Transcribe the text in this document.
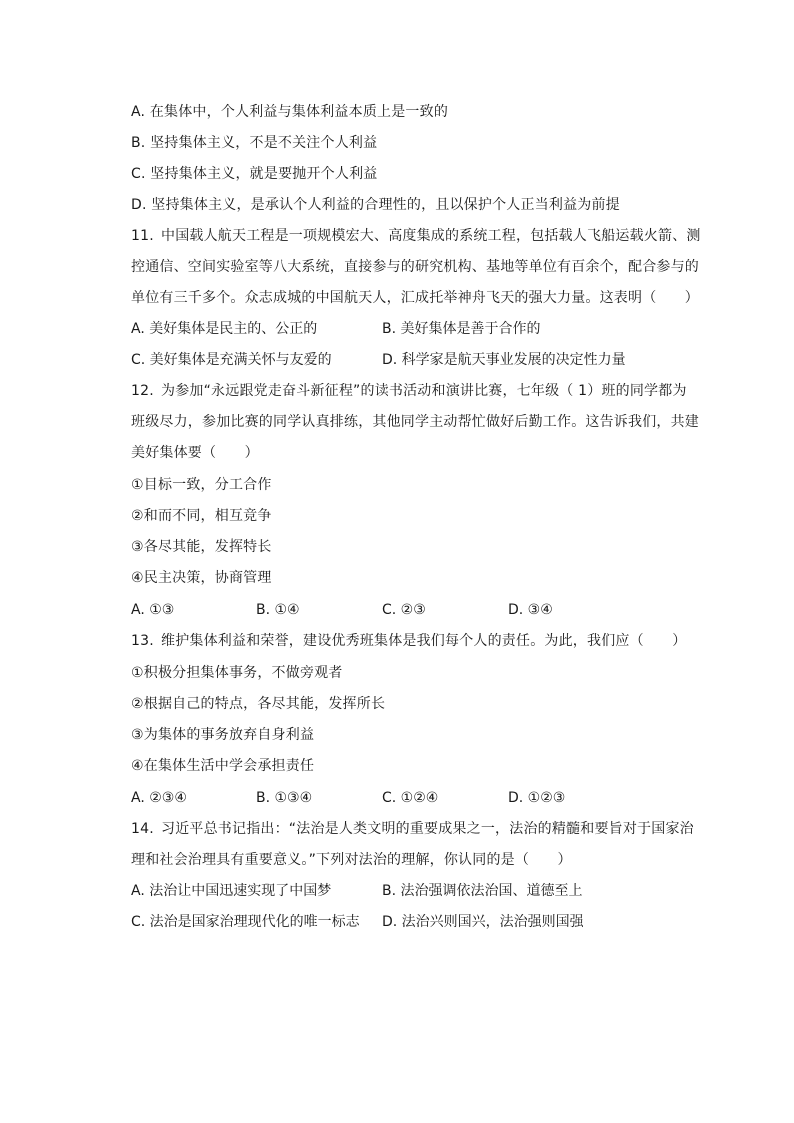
A. 在集体中，个人利益与集体利益本质上是一致的
B. 坚持集体主义，不是不关注个人利益
C. 坚持集体主义，就是要抛开个人利益
D. 坚持集体主义，是承认个人利益的合理性的，且以保护个人正当利益为前提
11. 中国载人航天工程是一项规模宏大、高度集成的系统工程，包括载人飞船运载火箭、测
控通信、空间实验室等八大系统，直接参与的研究机构、基地等单位有百余个，配合参与的
单位有三千多个。众志成城的中国航天人，汇成托举神舟飞天的强大力量。这表明（　　）
A. 美好集体是民主的、公正的	B. 美好集体是善于合作的
C. 美好集体是充满关怀与友爱的	D. 科学家是航天事业发展的决定性力量
12. 为参加“永远跟党走奋斗新征程”的读书活动和演讲比赛，七年级（ 1）班的同学都为
班级尽力，参加比赛的同学认真排练，其他同学主动帮忙做好后勤工作。这告诉我们，共建
美好集体要（　　）
①目标一致，分工合作
②和而不同，相互竞争
③各尽其能，发挥特长
④民主决策，协商管理
A. ①③	B. ①④	C. ②③	D. ③④
13. 维护集体利益和荣誉，建设优秀班集体是我们每个人的责任。为此，我们应（　　）
①积极分担集体事务，不做旁观者
②根据自己的特点，各尽其能，发挥所长
③为集体的事务放弃自身利益
④在集体生活中学会承担责任
A. ②③④	B. ①③④	C. ①②④	D. ①②③
14. 习近平总书记指出：“法治是人类文明的重要成果之一，法治的精髓和要旨对于国家治
理和社会治理具有重要意义。”下列对法治的理解，你认同的是（　　）
A. 法治让中国迅速实现了中国梦	B. 法治强调依法治国、道德至上
C. 法治是国家治理现代化的唯一标志 D. 法治兴则国兴，法治强则国强
